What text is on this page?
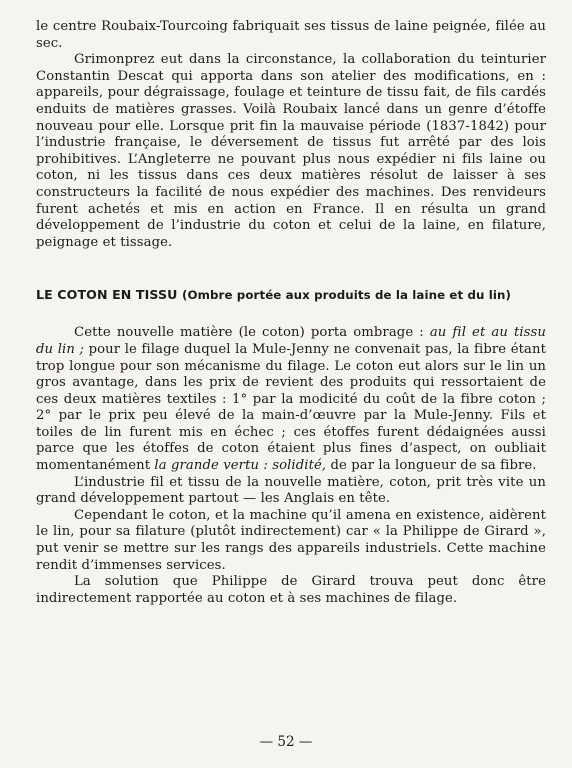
le centre Roubaix-Tourcoing fabriquait ses tissus de laine peignée, filée au sec.

Grimonprez eut dans la circonstance, la collaboration du teinturier Constantin Descat qui apporta dans son atelier des modifications, en : appareils, pour dégraissage, foulage et teinture de tissu fait, de fils cardés enduits de matières grasses. Voilà Roubaix lancé dans un genre d’étoffe nouveau pour elle. Lorsque prit fin la mauvaise période (1837-1842) pour l’industrie française, le déversement de tissus fut arrêté par des lois prohibitives. L’Angleterre ne pouvant plus nous expédier ni fils laine ou coton, ni les tissus dans ces deux matières résolut de laisser à ses constructeurs la facilité de nous expédier des machines. Des renvideurs furent achetés et mis en action en France. Il en résulta un grand développement de l’industrie du coton et celui de la laine, en filature, peignage et tissage.

LE COTON EN TISSU (Ombre portée aux produits de la laine et du lin)

Cette nouvelle matière (le coton) porta ombrage : au fil et au tissu du lin ; pour le filage duquel la Mule-Jenny ne convenait pas, la fibre étant trop longue pour son mécanisme du filage. Le coton eut alors sur le lin un gros avantage, dans les prix de revient des produits qui ressortaient de ces deux matières textiles : 1° par la modicité du coût de la fibre coton ; 2° par le prix peu élevé de la main-d’œuvre par la Mule-Jenny. Fils et toiles de lin furent mis en échec ; ces étoffes furent dédaignées aussi parce que les étoffes de coton étaient plus fines d’aspect, on oubliait momentanément la grande vertu : solidité, de par la longueur de sa fibre.

L’industrie fil et tissu de la nouvelle matière, coton, prit très vite un grand développement partout — les Anglais en tête.

Cependant le coton, et la machine qu’il amena en existence, aidèrent le lin, pour sa filature (plutôt indirectement) car « la Philippe de Girard », put venir se mettre sur les rangs des appareils industriels. Cette machine rendit d’immenses services.

La solution que Philippe de Girard trouva peut donc être indirectement rapportée au coton et à ses machines de filage.

— 52 —
